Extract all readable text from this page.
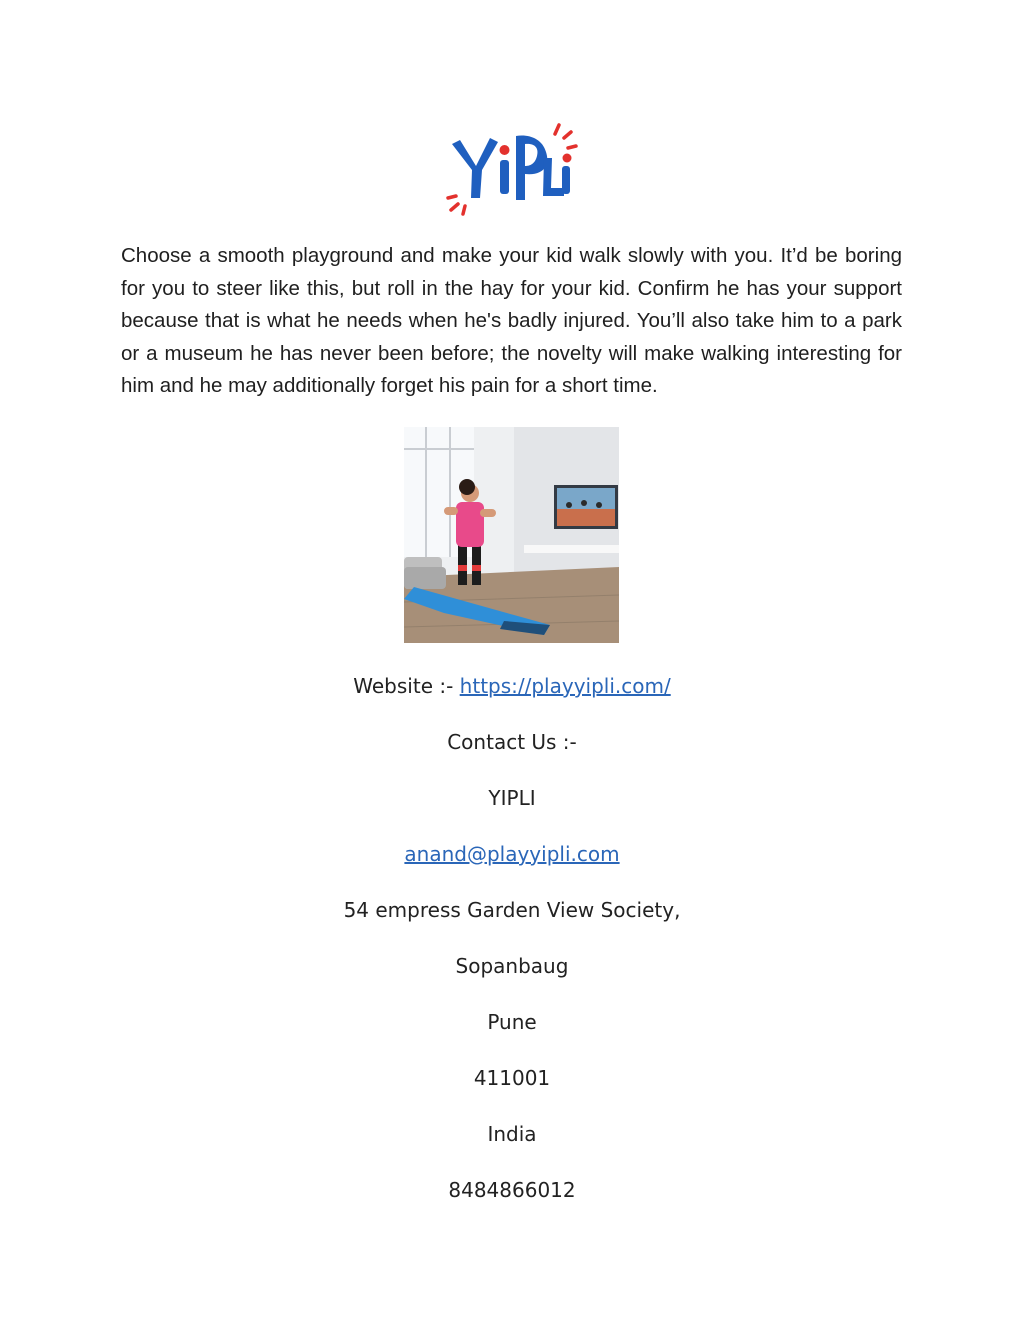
Choose a smooth playground and make your kid walk slowly with you. It’d be boring for you to steer like this, but roll in the hay for your kid. Confirm he has your support because that is what he needs when he's badly injured. You’ll also take him to a park or a museum he has never been before; the novelty will make walking interesting for him and he may additionally forget his pain for a short time.

Website :- https://playyipli.com/
Contact Us :-
YIPLI
anand@playyipli.com
54 empress Garden View Society,
Sopanbaug
Pune
411001
India
8484866012
